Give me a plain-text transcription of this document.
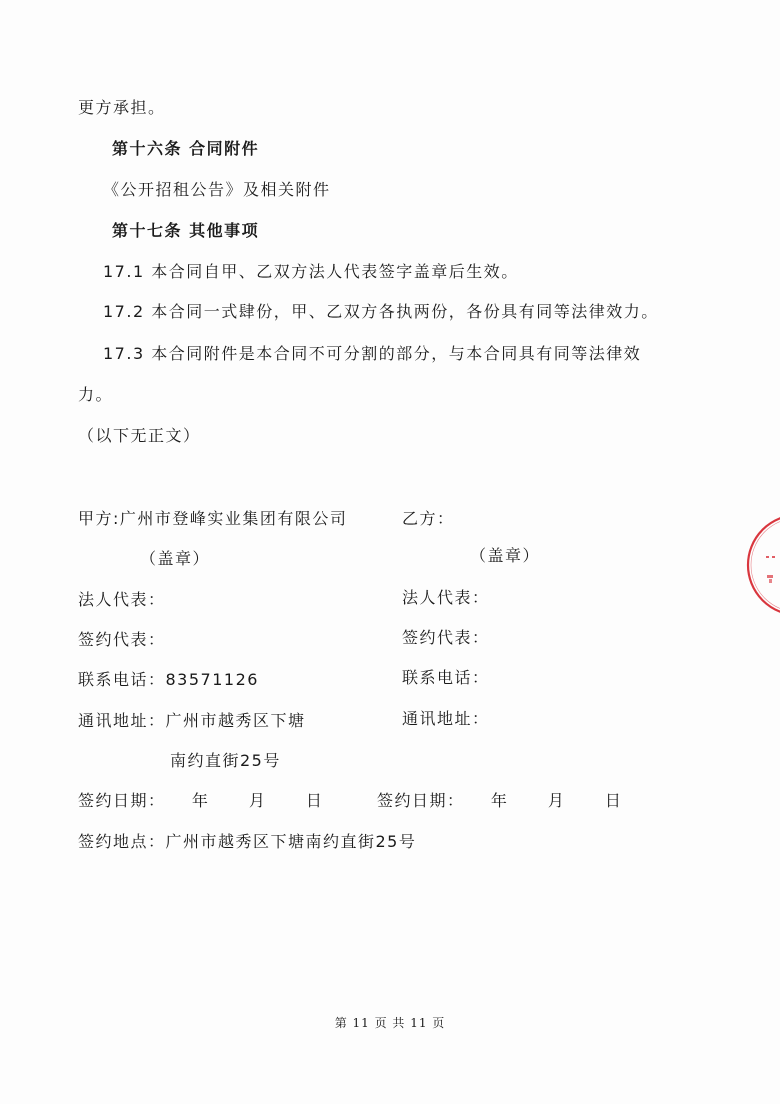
更方承担。
第十六条 合同附件
《公开招租公告》及相关附件
第十七条 其他事项
17.1 本合同自甲、乙双方法人代表签字盖章后生效。
17.2 本合同一式肆份，甲、乙双方各执两份，各份具有同等法律效力。
17.3 本合同附件是本合同不可分割的部分，与本合同具有同等法律效
力。
（以下无正文）
甲方:广州市登峰实业集团有限公司
（盖章）
法人代表：
签约代表：
联系电话：83571126
通讯地址：广州市越秀区下塘
南约直街25号
签约日期：    年      月      日
乙方：
（盖章）
法人代表：
签约代表：
联系电话：
通讯地址：
签约日期：    年      月      日
签约地点：广州市越秀区下塘南约直街25号
第 11 页 共 11 页
